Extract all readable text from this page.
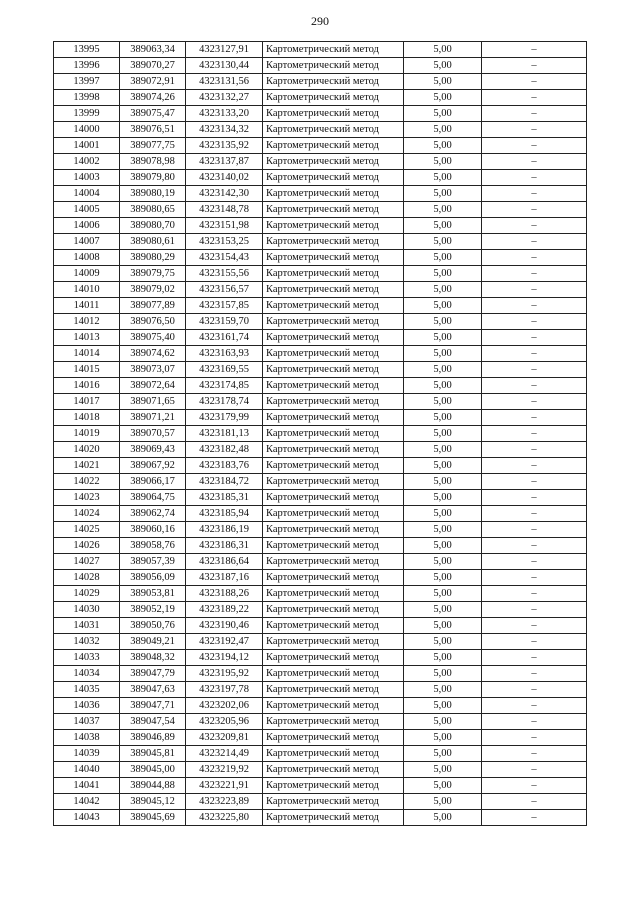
290
13995	389063,34	4323127,91	Картометрический метод	5,00	–
13996	389070,27	4323130,44	Картометрический метод	5,00	–
13997	389072,91	4323131,56	Картометрический метод	5,00	–
13998	389074,26	4323132,27	Картометрический метод	5,00	–
13999	389075,47	4323133,20	Картометрический метод	5,00	–
14000	389076,51	4323134,32	Картометрический метод	5,00	–
14001	389077,75	4323135,92	Картометрический метод	5,00	–
14002	389078,98	4323137,87	Картометрический метод	5,00	–
14003	389079,80	4323140,02	Картометрический метод	5,00	–
14004	389080,19	4323142,30	Картометрический метод	5,00	–
14005	389080,65	4323148,78	Картометрический метод	5,00	–
14006	389080,70	4323151,98	Картометрический метод	5,00	–
14007	389080,61	4323153,25	Картометрический метод	5,00	–
14008	389080,29	4323154,43	Картометрический метод	5,00	–
14009	389079,75	4323155,56	Картометрический метод	5,00	–
14010	389079,02	4323156,57	Картометрический метод	5,00	–
14011	389077,89	4323157,85	Картометрический метод	5,00	–
14012	389076,50	4323159,70	Картометрический метод	5,00	–
14013	389075,40	4323161,74	Картометрический метод	5,00	–
14014	389074,62	4323163,93	Картометрический метод	5,00	–
14015	389073,07	4323169,55	Картометрический метод	5,00	–
14016	389072,64	4323174,85	Картометрический метод	5,00	–
14017	389071,65	4323178,74	Картометрический метод	5,00	–
14018	389071,21	4323179,99	Картометрический метод	5,00	–
14019	389070,57	4323181,13	Картометрический метод	5,00	–
14020	389069,43	4323182,48	Картометрический метод	5,00	–
14021	389067,92	4323183,76	Картометрический метод	5,00	–
14022	389066,17	4323184,72	Картометрический метод	5,00	–
14023	389064,75	4323185,31	Картометрический метод	5,00	–
14024	389062,74	4323185,94	Картометрический метод	5,00	–
14025	389060,16	4323186,19	Картометрический метод	5,00	–
14026	389058,76	4323186,31	Картометрический метод	5,00	–
14027	389057,39	4323186,64	Картометрический метод	5,00	–
14028	389056,09	4323187,16	Картометрический метод	5,00	–
14029	389053,81	4323188,26	Картометрический метод	5,00	–
14030	389052,19	4323189,22	Картометрический метод	5,00	–
14031	389050,76	4323190,46	Картометрический метод	5,00	–
14032	389049,21	4323192,47	Картометрический метод	5,00	–
14033	389048,32	4323194,12	Картометрический метод	5,00	–
14034	389047,79	4323195,92	Картометрический метод	5,00	–
14035	389047,63	4323197,78	Картометрический метод	5,00	–
14036	389047,71	4323202,06	Картометрический метод	5,00	–
14037	389047,54	4323205,96	Картометрический метод	5,00	–
14038	389046,89	4323209,81	Картометрический метод	5,00	–
14039	389045,81	4323214,49	Картометрический метод	5,00	–
14040	389045,00	4323219,92	Картометрический метод	5,00	–
14041	389044,88	4323221,91	Картометрический метод	5,00	–
14042	389045,12	4323223,89	Картометрический метод	5,00	–
14043	389045,69	4323225,80	Картометрический метод	5,00	–
